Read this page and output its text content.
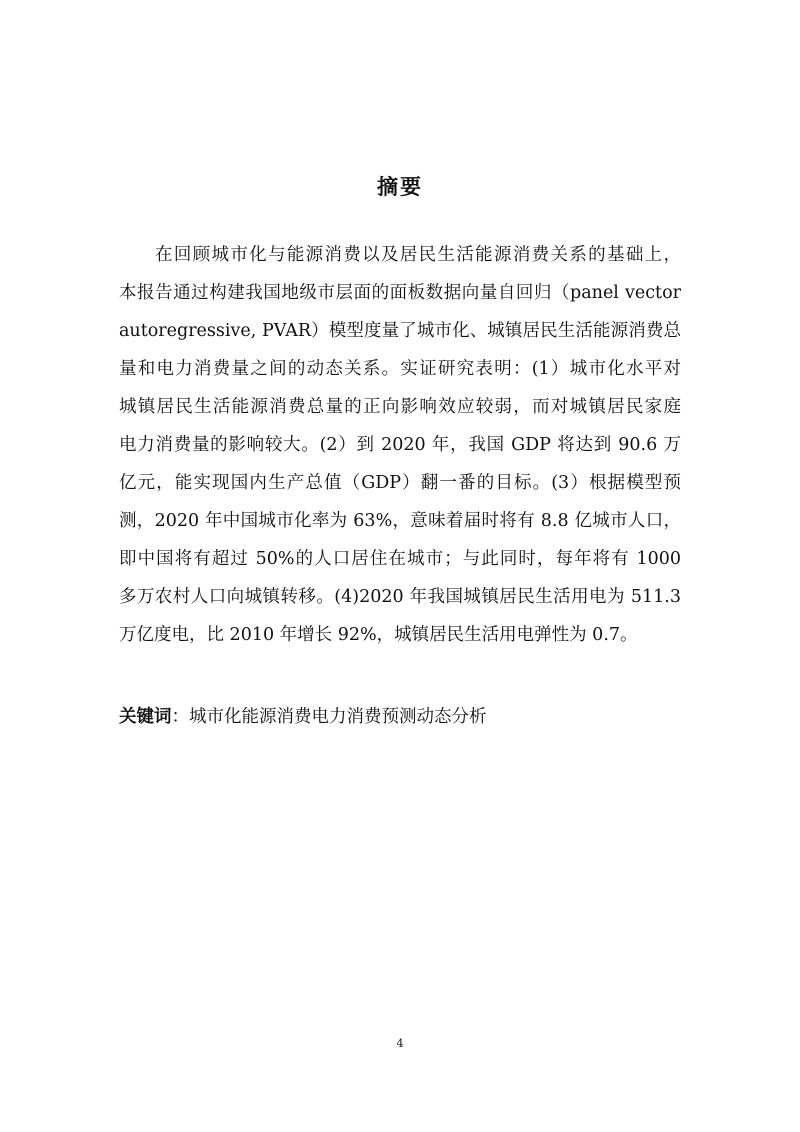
摘要
在回顾城市化与能源消费以及居民生活能源消费关系的基础上，
本报告通过构建我国地级市层面的面板数据向量自回归（panel vector
autoregressive, PVAR）模型度量了城市化、城镇居民生活能源消费总
量和电力消费量之间的动态关系。实证研究表明：(1）城市化水平对
城镇居民生活能源消费总量的正向影响效应较弱，而对城镇居民家庭
电力消费量的影响较大。(2）到 2020 年，我国 GDP 将达到 90.6 万
亿元，能实现国内生产总值（GDP）翻一番的目标。(3）根据模型预
测，2020 年中国城市化率为 63%，意味着届时将有 8.8 亿城市人口，
即中国将有超过 50%的人口居住在城市；与此同时，每年将有 1000
多万农村人口向城镇转移。(4)2020 年我国城镇居民生活用电为 511.3
万亿度电，比 2010 年增长 92%，城镇居民生活用电弹性为 0.7。
关键词：城市化能源消费电力消费预测动态分析
4
